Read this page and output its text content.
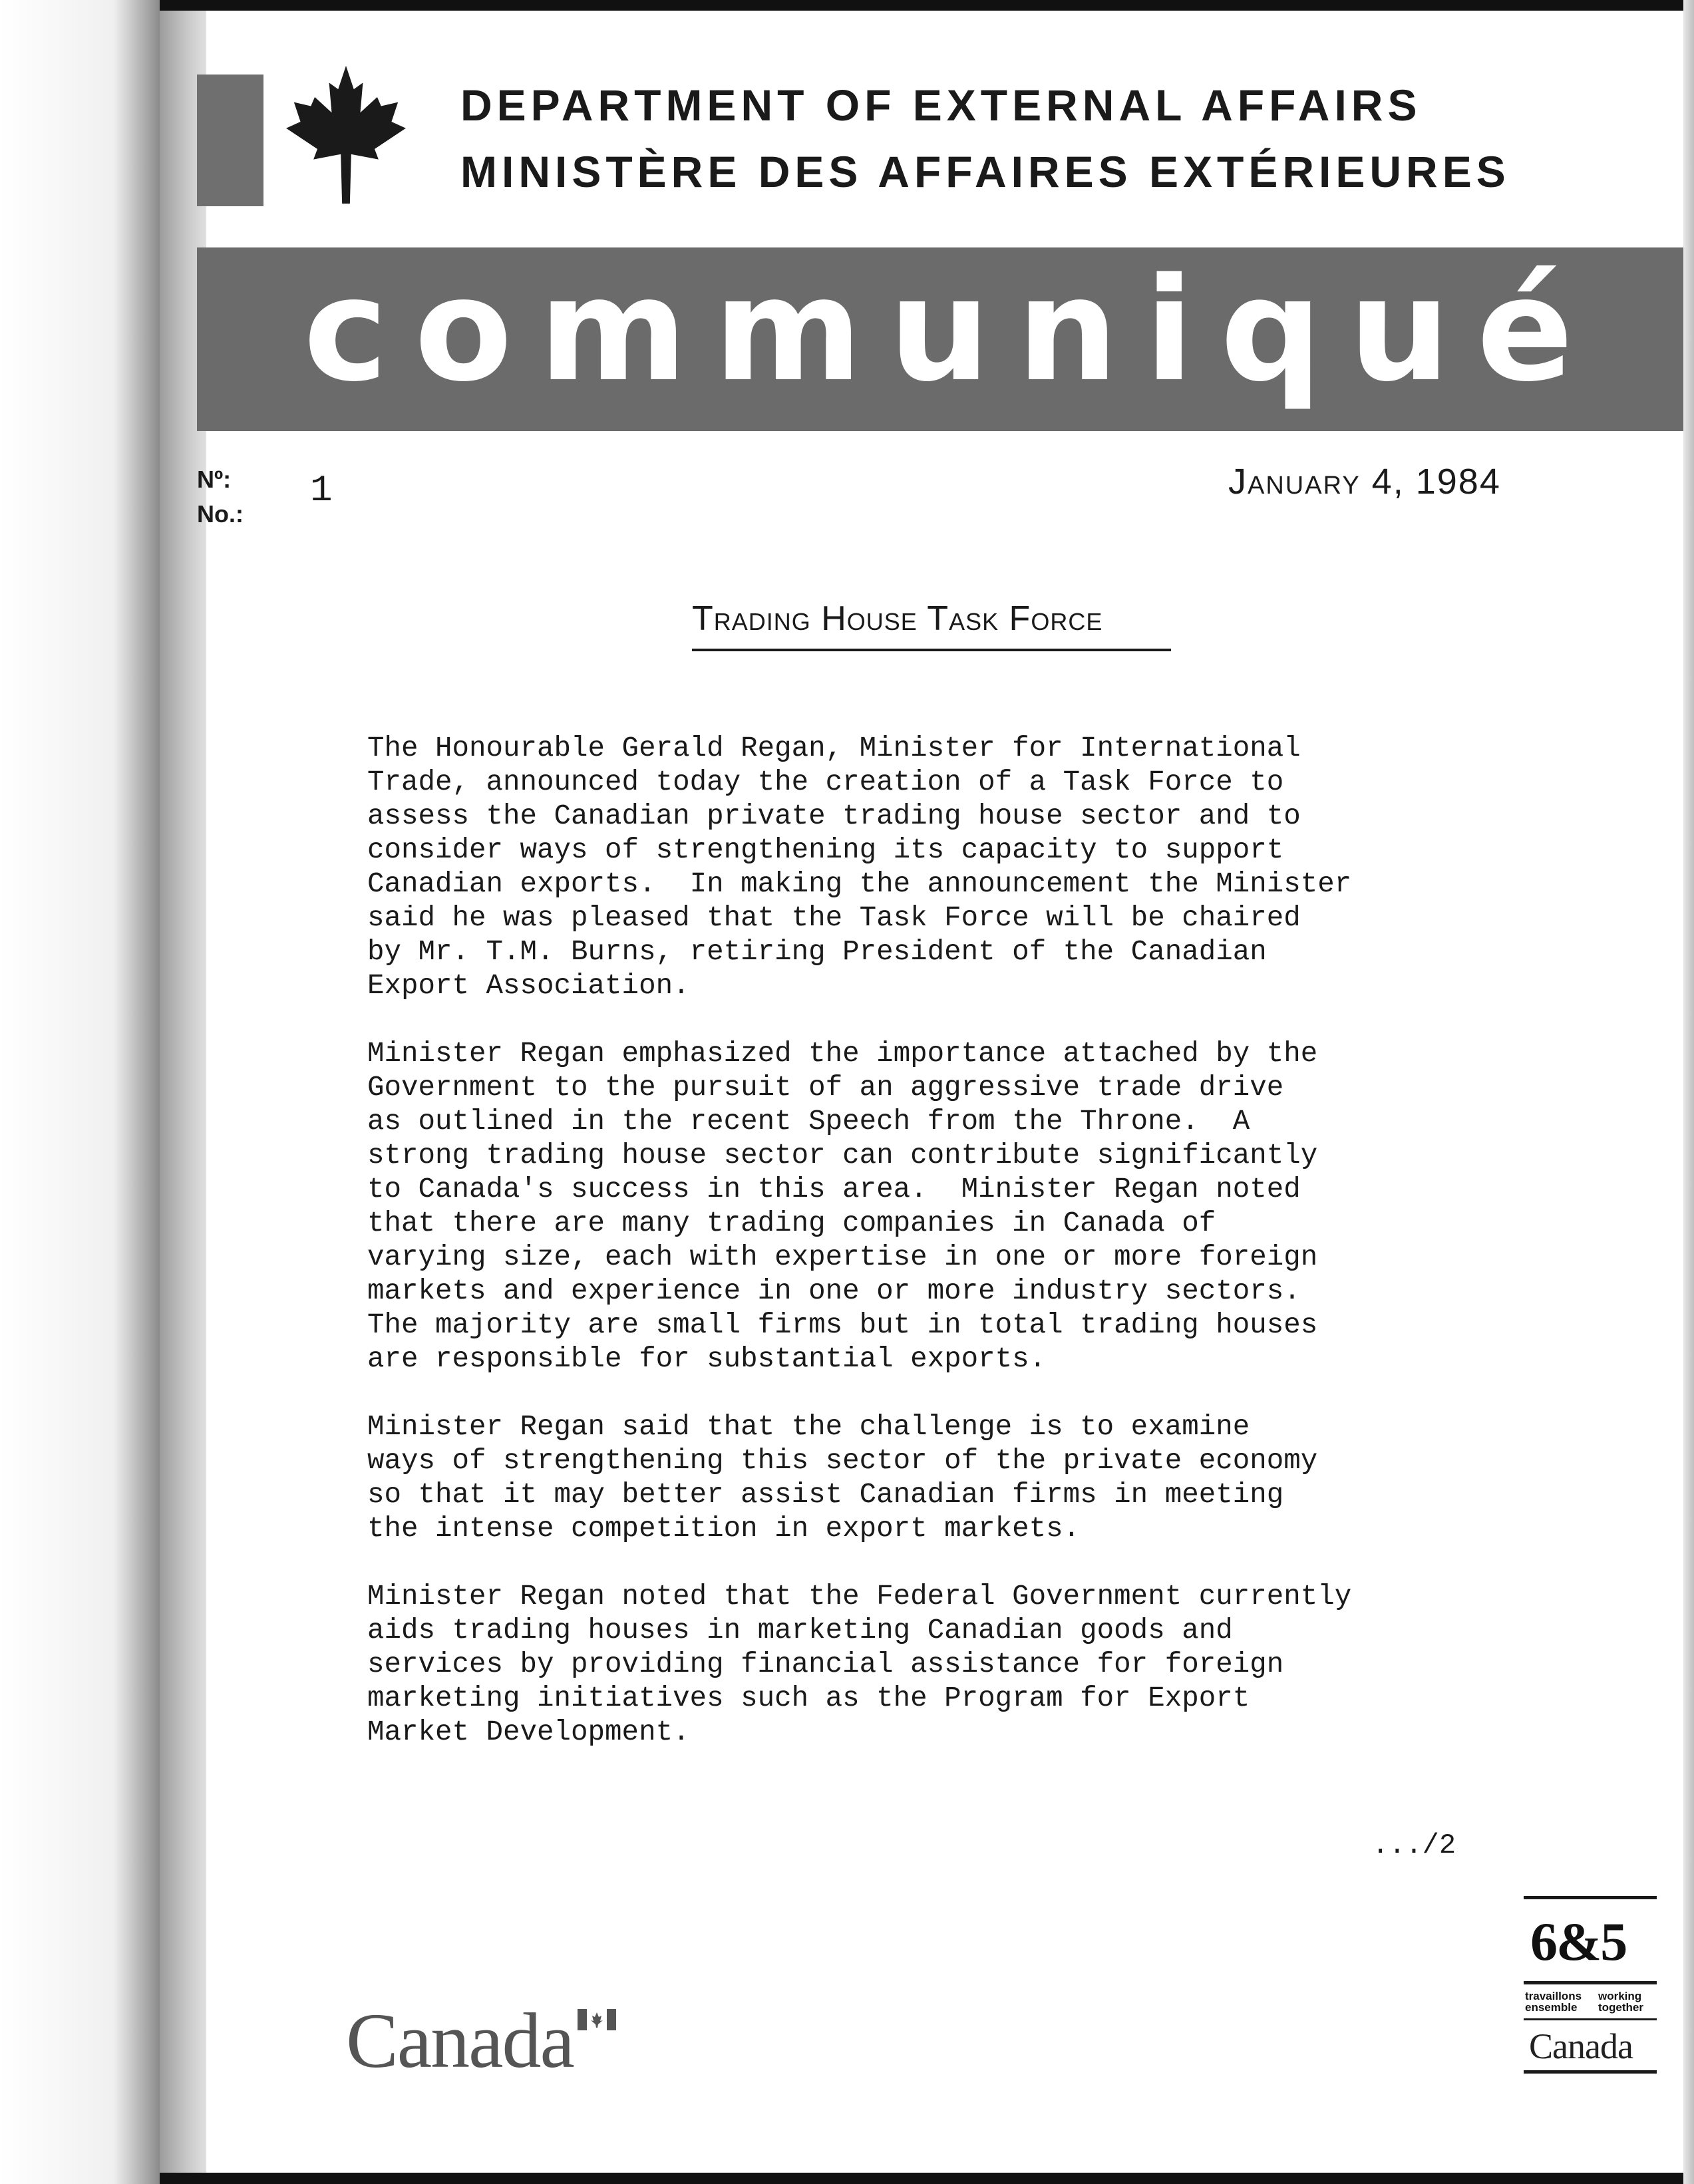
DEPARTMENT OF EXTERNAL AFFAIRS
MINISTÈRE DES AFFAIRES EXTÉRIEURES
communiqué
Nº:
No.:
1	January 4, 1984
Trading House Task Force
The Honourable Gerald Regan, Minister for International
Trade, announced today the creation of a Task Force to
assess the Canadian private trading house sector and to
consider ways of strengthening its capacity to support
Canadian exports.  In making the announcement the Minister
said he was pleased that the Task Force will be chaired
by Mr. T.M. Burns, retiring President of the Canadian
Export Association.
Minister Regan emphasized the importance attached by the
Government to the pursuit of an aggressive trade drive
as outlined in the recent Speech from the Throne.  A
strong trading house sector can contribute significantly
to Canada's success in this area.  Minister Regan noted
that there are many trading companies in Canada of
varying size, each with expertise in one or more foreign
markets and experience in one or more industry sectors.
The majority are small firms but in total trading houses
are responsible for substantial exports.
Minister Regan said that the challenge is to examine
ways of strengthening this sector of the private economy
so that it may better assist Canadian firms in meeting
the intense competition in export markets.
Minister Regan noted that the Federal Government currently
aids trading houses in marketing Canadian goods and
services by providing financial assistance for foreign
marketing initiatives such as the Program for Export
Market Development.
.../2
Canada
6&5
travaillons
ensemble
working
together
Canada
